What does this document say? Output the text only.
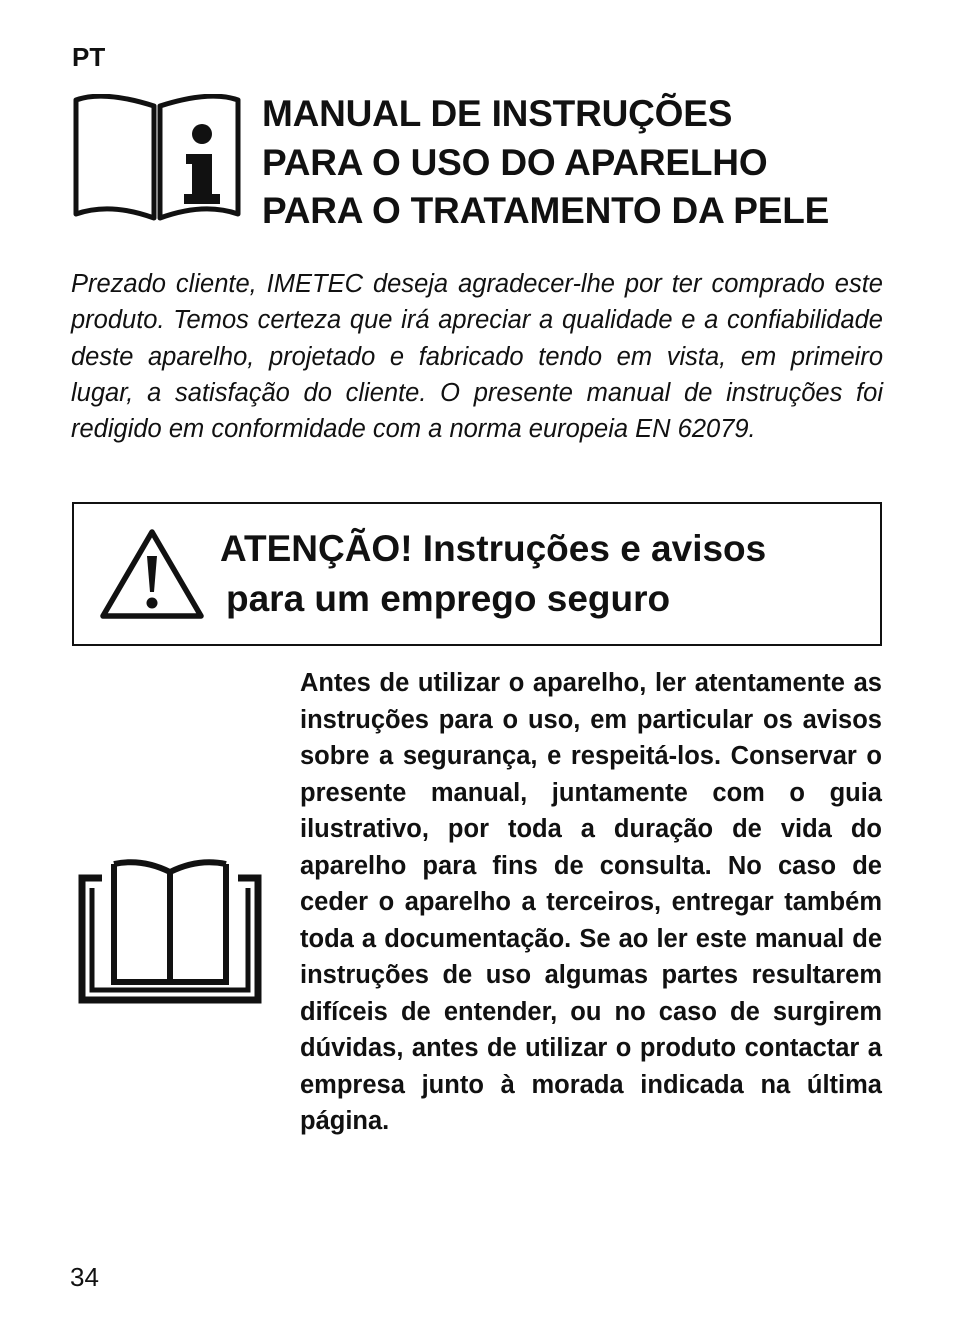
PT
MANUAL DE INSTRUÇÕES
PARA O USO DO APARELHO
PARA O TRATAMENTO DA PELE

Prezado cliente, IMETEC deseja agradecer-lhe por ter comprado este produto. Temos certeza que irá apreciar a qualidade e a confiabilidade deste aparelho, projetado e fabricado tendo em vista, em primeiro lugar, a satisfação do cliente. O presente manual de instruções foi redigido em conformidade com a norma europeia EN 62079.

ATENÇÃO! Instruções e avisos
para um emprego seguro

Antes de utilizar o aparelho, ler atentamente as instruções para o uso, em particular os avisos sobre a segurança, e respeitá-los. Conservar o presente manual, juntamente com o guia ilustrativo, por toda a duração de vida do aparelho para fins de consulta. No caso de ceder o aparelho a terceiros, entregar também toda a documentação. Se ao ler este manual de instruções de uso algumas partes resultarem difíceis de entender, ou no caso de surgirem dúvidas, antes de utilizar o produto contactar a empresa junto à morada indicada na última página.

34
